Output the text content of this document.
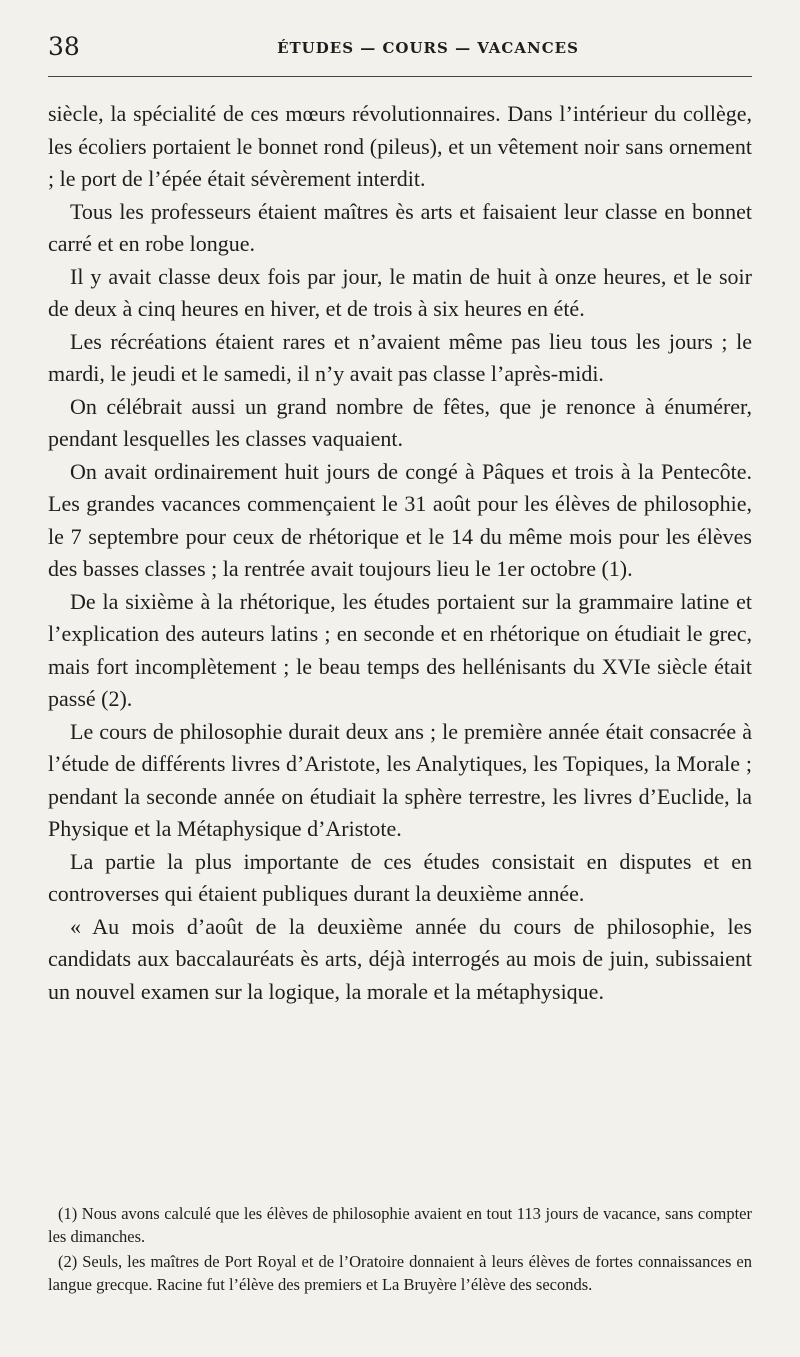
38	ÉTUDES — COURS — VACANCES

siècle, la spécialité de ces mœurs révolutionnaires. Dans l’intérieur du collège, les écoliers portaient le bonnet rond (pileus), et un vêtement noir sans ornement ; le port de l’épée était sévèrement interdit.

Tous les professeurs étaient maîtres ès arts et faisaient leur classe en bonnet carré et en robe longue.

Il y avait classe deux fois par jour, le matin de huit à onze heures, et le soir de deux à cinq heures en hiver, et de trois à six heures en été.

Les récréations étaient rares et n’avaient même pas lieu tous les jours ; le mardi, le jeudi et le samedi, il n’y avait pas classe l’après-midi.

On célébrait aussi un grand nombre de fêtes, que je renonce à énumérer, pendant lesquelles les classes vaquaient.

On avait ordinairement huit jours de congé à Pâques et trois à la Pentecôte. Les grandes vacances commençaient le 31 août pour les élèves de philosophie, le 7 septembre pour ceux de rhétorique et le 14 du même mois pour les élèves des basses classes ; la rentrée avait toujours lieu le 1er octobre (1).

De la sixième à la rhétorique, les études portaient sur la grammaire latine et l’explication des auteurs latins ; en seconde et en rhétorique on étudiait le grec, mais fort incomplètement ; le beau temps des hellénisants du XVIe siècle était passé (2).

Le cours de philosophie durait deux ans ; le première année était consacrée à l’étude de différents livres d’Aristote, les Analytiques, les Topiques, la Morale ; pendant la seconde année on étudiait la sphère terrestre, les livres d’Euclide, la Physique et la Métaphysique d’Aristote.

La partie la plus importante de ces études consistait en disputes et en controverses qui étaient publiques durant la deuxième année.

« Au mois d’août de la deuxième année du cours de philosophie, les candidats aux baccalauréats ès arts, déjà interrogés au mois de juin, subissaient un nouvel examen sur la logique, la morale et la métaphysique.

(1) Nous avons calculé que les élèves de philosophie avaient en tout 113 jours de vacance, sans compter les dimanches.

(2) Seuls, les maîtres de Port Royal et de l’Oratoire donnaient à leurs élèves de fortes connaissances en langue grecque. Racine fut l’élève des premiers et La Bruyère l’élève des seconds.
